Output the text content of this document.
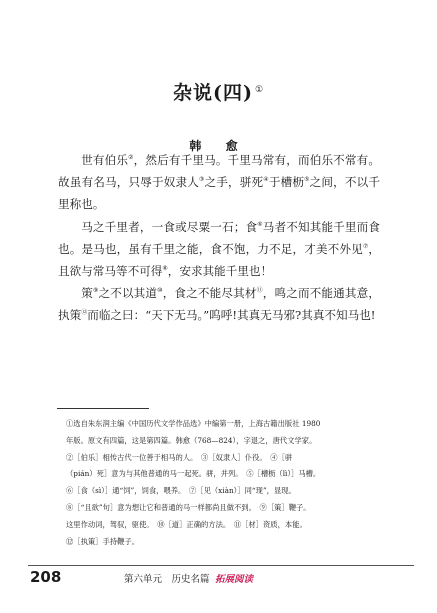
杂说(四) ①
韩 愈

世有伯乐②，然后有千里马。千里马常有，而伯乐不常有。故虽有名马，只辱于奴隶人③之手，骈死④于槽枥⑤之间，不以千里称也。

马之千里者，一食或尽粟一石；食⑥马者不知其能千里而食也。是马也，虽有千里之能，食不饱，力不足，才美不外见⑦，且欲与常马等不可得⑧，安求其能千里也！

策⑨之不以其道⑩，食之不能尽其材⑪，鸣之而不能通其意，执策⑫而临之曰：“天下无马。”呜呼!其真无马邪?其真不知马也!

①选自朱东润主编《中国历代文学作品选》中编第一册，上海古籍出版社 1980
年版。原文有四篇，这是第四篇。韩愈（768—824），字退之，唐代文学家。
②［伯乐］相传古代一位善于相马的人。　③［奴隶人］仆役。　④［骈
（pián）死］意为与其他普通的马一起死。骈，并列。　⑤［槽枥（lì）］马槽。
⑥［食（sì）］通“饲”，饲食，喂养。　⑦［见（xiàn）］同“现”，显现。
⑧［“且欲”句］意为想让它和普通的马一样都尚且做不到。　⑨［策］鞭子。
这里作动词，驾驭，驱使。　⑩［道］正确的方法。　⑪［材］资质，本能。
⑫［执策］手持鞭子。
208	第六单元　历史名篇 拓展阅读
